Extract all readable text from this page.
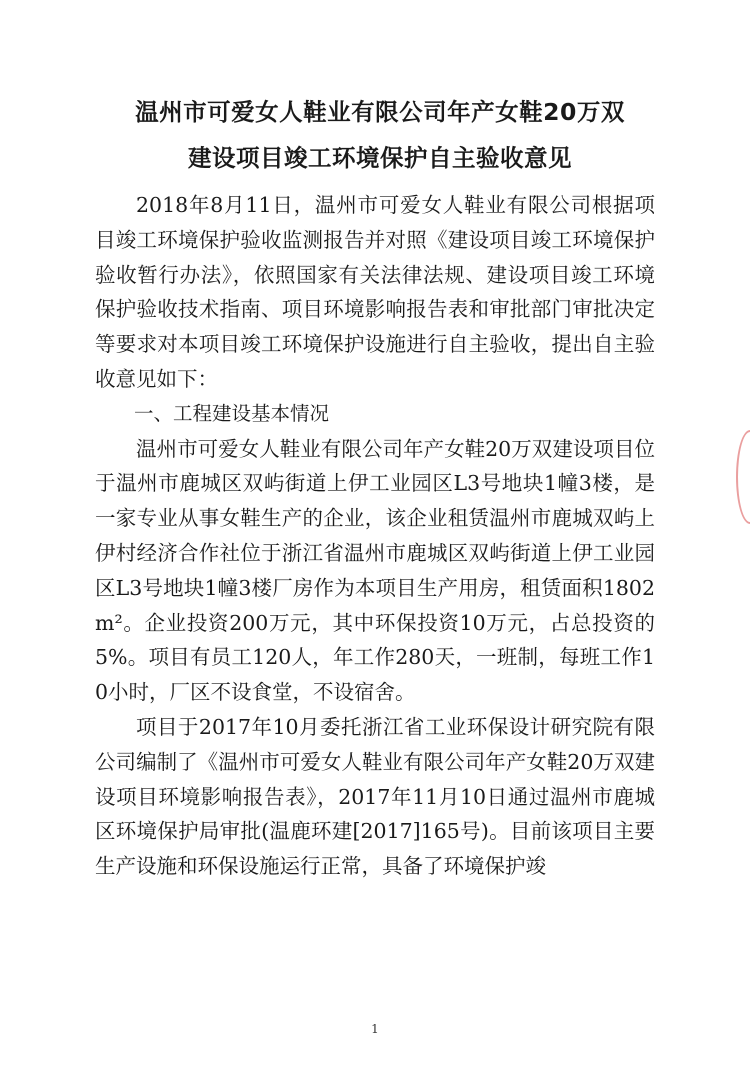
温州市可爱女人鞋业有限公司年产女鞋20万双
建设项目竣工环境保护自主验收意见

2018年8月11日，温州市可爱女人鞋业有限公司根据项目竣工环境保护验收监测报告并对照《建设项目竣工环境保护验收暂行办法》，依照国家有关法律法规、建设项目竣工环境保护验收技术指南、项目环境影响报告表和审批部门审批决定等要求对本项目竣工环境保护设施进行自主验收，提出自主验收意见如下：

一、工程建设基本情况

温州市可爱女人鞋业有限公司年产女鞋20万双建设项目位于温州市鹿城区双屿街道上伊工业园区L3号地块1幢3楼，是一家专业从事女鞋生产的企业，该企业租赁温州市鹿城双屿上伊村经济合作社位于浙江省温州市鹿城区双屿街道上伊工业园区L3号地块1幢3楼厂房作为本项目生产用房，租赁面积1802m²。企业投资200万元，其中环保投资10万元，占总投资的5%。项目有员工120人，年工作280天，一班制，每班工作10小时，厂区不设食堂，不设宿舍。

项目于2017年10月委托浙江省工业环保设计研究院有限公司编制了《温州市可爱女人鞋业有限公司年产女鞋20万双建设项目环境影响报告表》，2017年11月10日通过温州市鹿城区环境保护局审批(温鹿环建[2017]165号)。目前该项目主要生产设施和环保设施运行正常，具备了环境保护竣

1
